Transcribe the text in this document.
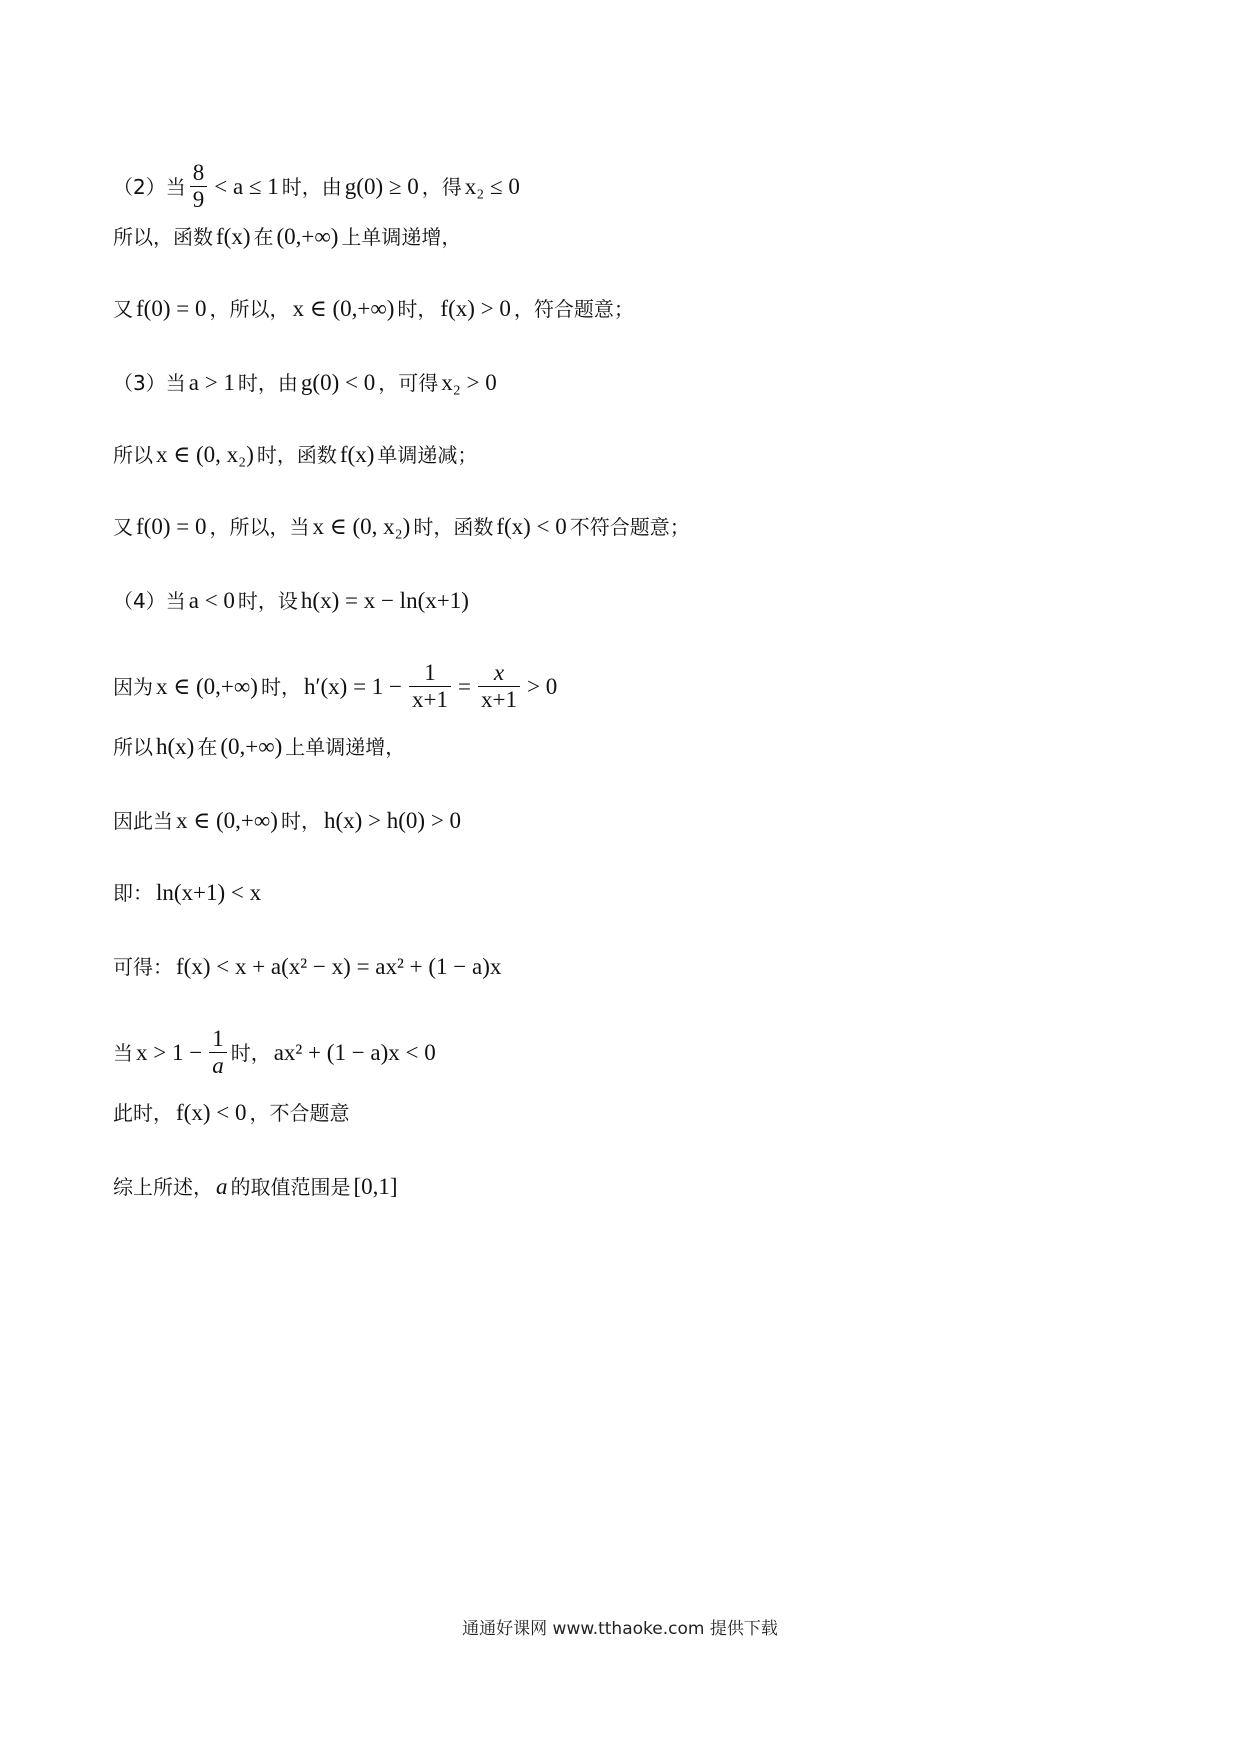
（2）当 $\frac{8}{9} < a \le 1$ 时，由 g(0) ≥ 0 ，得 x₂ ≤ 0
所以，函数 f(x) 在 (0,+∞) 上单调递增，
又 f(0) = 0 ，所以， x ∈ (0,+∞) 时， f(x) > 0 ，符合题意；
（3）当 a > 1 时，由 g(0) < 0 ，可得 x₂ > 0
所以 x ∈ (0, x₂) 时，函数 f(x) 单调递减；
又 f(0) = 0 ，所以，当 x ∈ (0, x₂) 时，函数 f(x) < 0 不符合题意；
（4）当 a < 0 时，设 h(x) = x − ln(x+1)
因为 x ∈ (0,+∞) 时， $h'(x) = 1 - \frac{1}{x+1} = \frac{x}{x+1} > 0$
所以 h(x) 在 (0,+∞) 上单调递增，
因此当 x ∈ (0,+∞) 时， h(x) > h(0) > 0
即： ln(x+1) < x
可得： f(x) < x + a(x² − x) = ax² + (1 − a)x
当 $x > 1 - \frac{1}{a}$ 时， ax² + (1 − a)x < 0
此时， f(x) < 0 ，不合题意
综上所述， a 的取值范围是 [0,1]
通通好课网 www.tthaoke.com 提供下载
